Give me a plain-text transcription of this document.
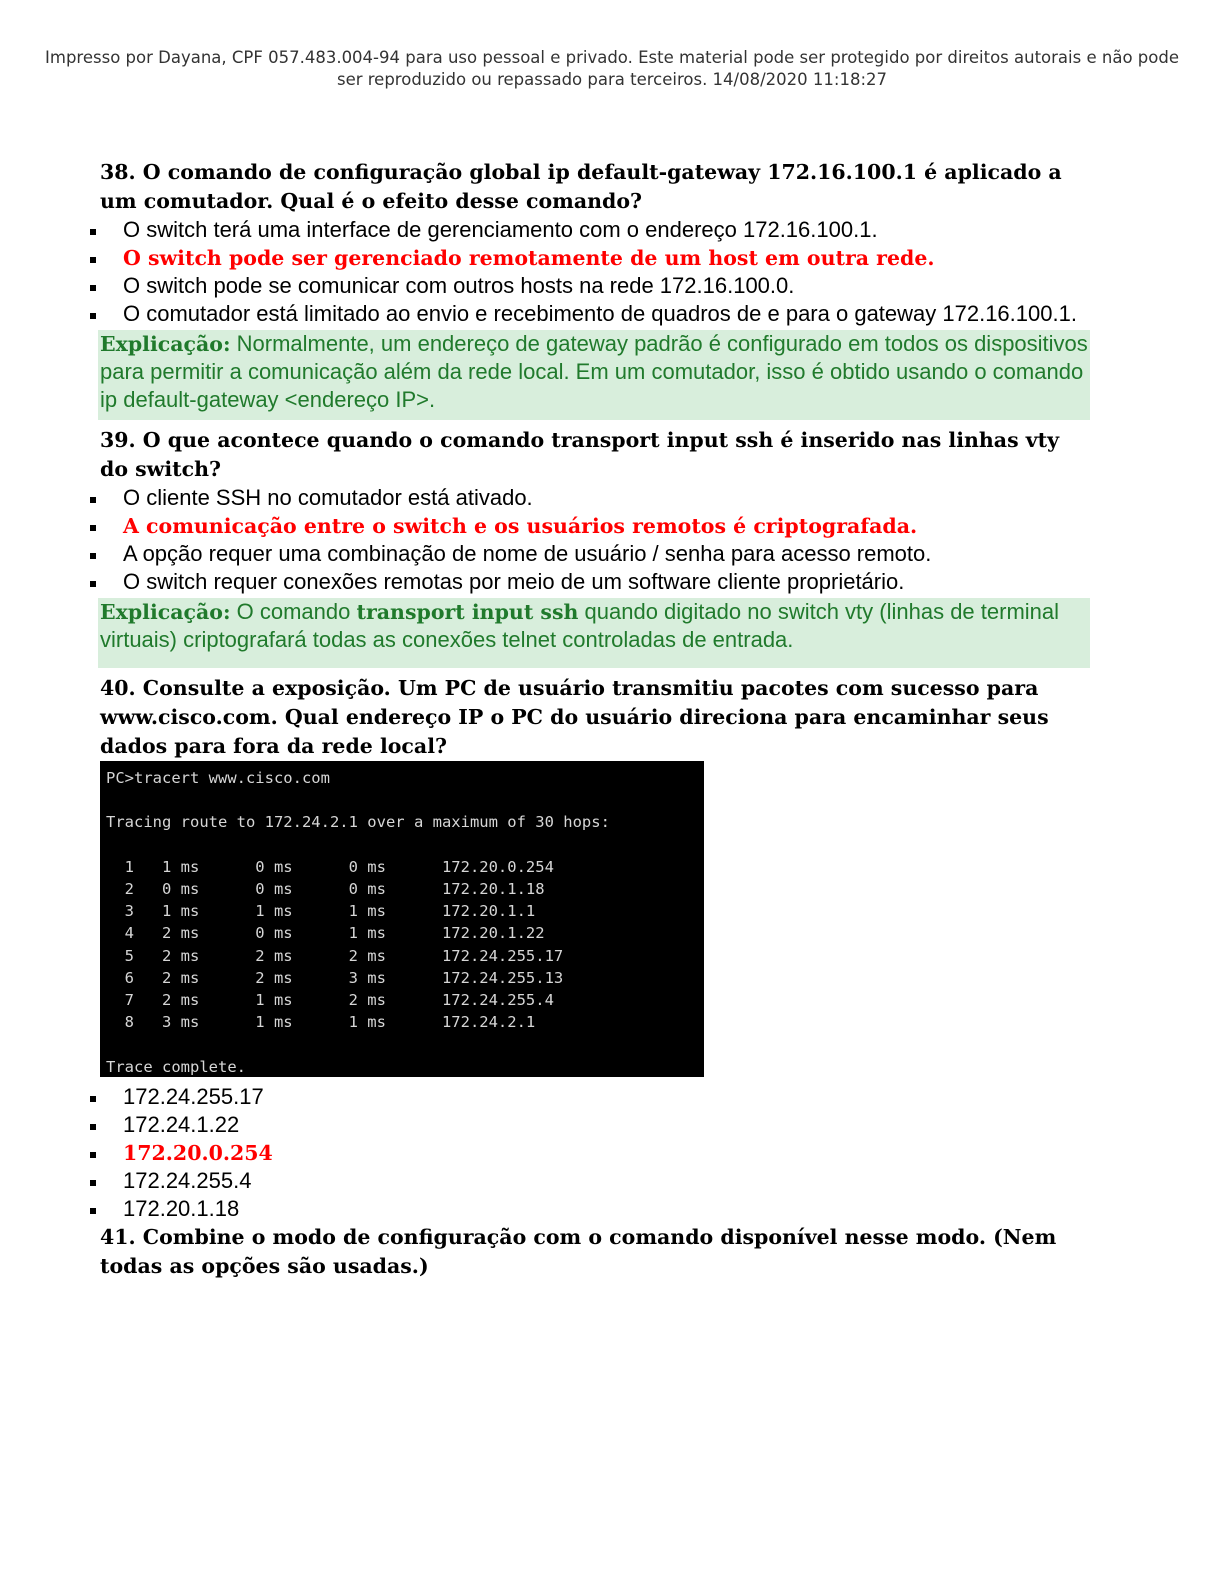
Impresso por Dayana, CPF 057.483.004-94 para uso pessoal e privado. Este material pode ser protegido por direitos autorais e não pode
ser reproduzido ou repassado para terceiros. 14/08/2020 11:18:27

38. O comando de configuração global ip default-gateway 172.16.100.1 é aplicado a um comutador. Qual é o efeito desse comando?

O switch terá uma interface de gerenciamento com o endereço 172.16.100.1.
O switch pode ser gerenciado remotamente de um host em outra rede.
O switch pode se comunicar com outros hosts na rede 172.16.100.0.
O comutador está limitado ao envio e recebimento de quadros de e para o gateway 172.16.100.1.
Explicação: Normalmente, um endereço de gateway padrão é configurado em todos os dispositivos para permitir a comunicação além da rede local. Em um comutador, isso é obtido usando o comando ip default-gateway <endereço IP>.

39. O que acontece quando o comando transport input ssh é inserido nas linhas vty do switch?

O cliente SSH no comutador está ativado.
A comunicação entre o switch e os usuários remotos é criptografada.
A opção requer uma combinação de nome de usuário / senha para acesso remoto.
O switch requer conexões remotas por meio de um software cliente proprietário.
Explicação: O comando transport input ssh quando digitado no switch vty (linhas de terminal virtuais) criptografará todas as conexões telnet controladas de entrada.

40. Consulte a exposição. Um PC de usuário transmitiu pacotes com sucesso para www.cisco.com. Qual endereço IP o PC do usuário direciona para encaminhar seus dados para fora da rede local?

PC>tracert www.cisco.com

Tracing route to 172.24.2.1 over a maximum of 30 hops:

1   1 ms      0 ms      0 ms      172.20.0.254
2   0 ms      0 ms      0 ms      172.20.1.18
3   1 ms      1 ms      1 ms      172.20.1.1
4   2 ms      0 ms      1 ms      172.20.1.22
5   2 ms      2 ms      2 ms      172.24.255.17
6   2 ms      2 ms      3 ms      172.24.255.13
7   2 ms      1 ms      2 ms      172.24.255.4
8   3 ms      1 ms      1 ms      172.24.2.1

Trace complete.
172.24.255.17
172.24.1.22
172.20.0.254
172.24.255.4
172.20.1.18

41. Combine o modo de configuração com o comando disponível nesse modo. (Nem todas as opções são usadas.)
